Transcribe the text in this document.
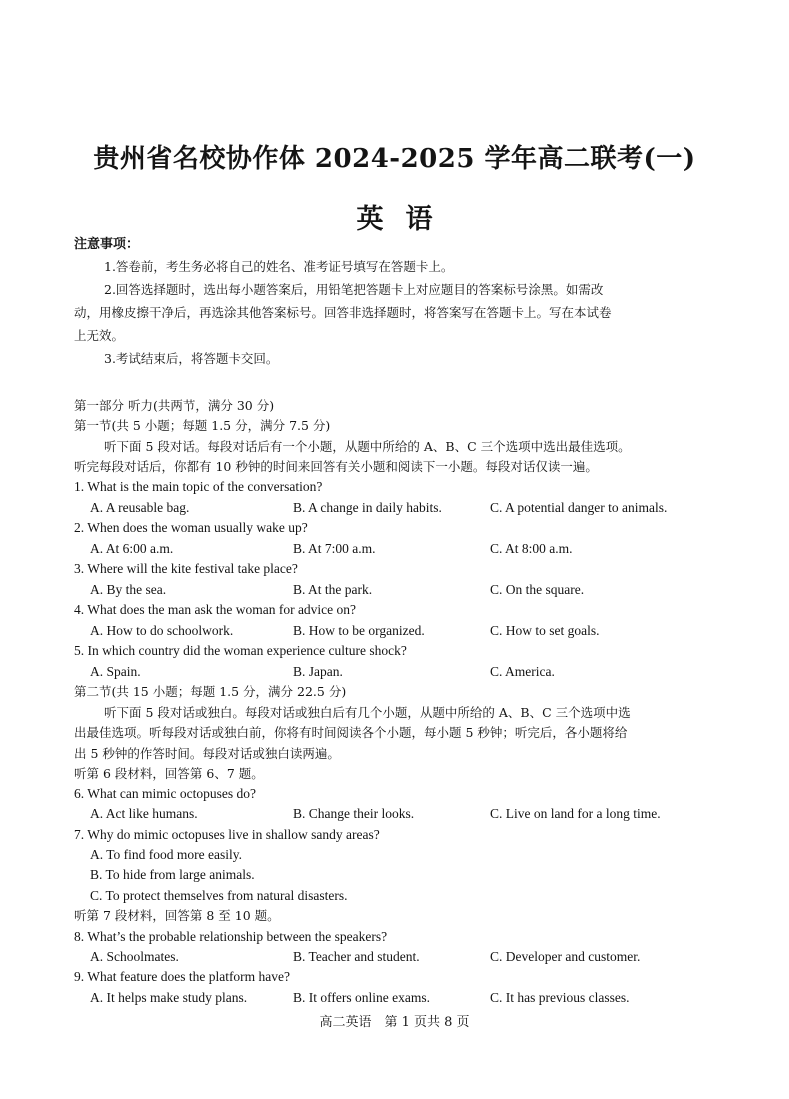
贵州省名校协作体 2024-2025 学年高二联考(一)
英语
注意事项：
1.答卷前，考生务必将自己的姓名、准考证号填写在答题卡上。
2.回答选择题时，选出每小题答案后，用铅笔把答题卡上对应题目的答案标号涂黑。如需改
动，用橡皮擦干净后，再选涂其他答案标号。回答非选择题时，将答案写在答题卡上。写在本试卷
上无效。
3.考试结束后，将答题卡交回。
第一部分 听力(共两节，满分 30 分)
第一节(共 5 小题；每题 1.5 分，满分 7.5 分)
听下面 5 段对话。每段对话后有一个小题，从题中所给的 A、B、C 三个选项中选出最佳选项。
听完每段对话后，你都有 10 秒钟的时间来回答有关小题和阅读下一小题。每段对话仅读一遍。
1. What is the main topic of the conversation?
A. A reusable bag.	B. A change in daily habits.	C. A potential danger to animals.
2. When does the woman usually wake up?
A. At 6:00 a.m.	B. At 7:00 a.m.	C. At 8:00 a.m.
3. Where will the kite festival take place?
A. By the sea.	B. At the park.	C. On the square.
4. What does the man ask the woman for advice on?
A. How to do schoolwork.	B. How to be organized.	C. How to set goals.
5. In which country did the woman experience culture shock?
A. Spain.	B. Japan.	C. America.
第二节(共 15 小题；每题 1.5 分，满分 22.5 分)
听下面 5 段对话或独白。每段对话或独白后有几个小题，从题中所给的 A、B、C 三个选项中选
出最佳选项。听每段对话或独白前，你将有时间阅读各个小题，每小题 5 秒钟；听完后，各小题将给
出 5 秒钟的作答时间。每段对话或独白读两遍。
听第 6 段材料，回答第 6、7 题。
6. What can mimic octopuses do?
A. Act like humans.	B. Change their looks.	C. Live on land for a long time.
7. Why do mimic octopuses live in shallow sandy areas?
A. To find food more easily.
B. To hide from large animals.
C. To protect themselves from natural disasters.
听第 7 段材料，回答第 8 至 10 题。
8. What’s the probable relationship between the speakers?
A. Schoolmates.	B. Teacher and student.	C. Developer and customer.
9. What feature does the platform have?
A. It helps make study plans.	B. It offers online exams.	C. It has previous classes.
高二英语　第 1 页共 8 页
